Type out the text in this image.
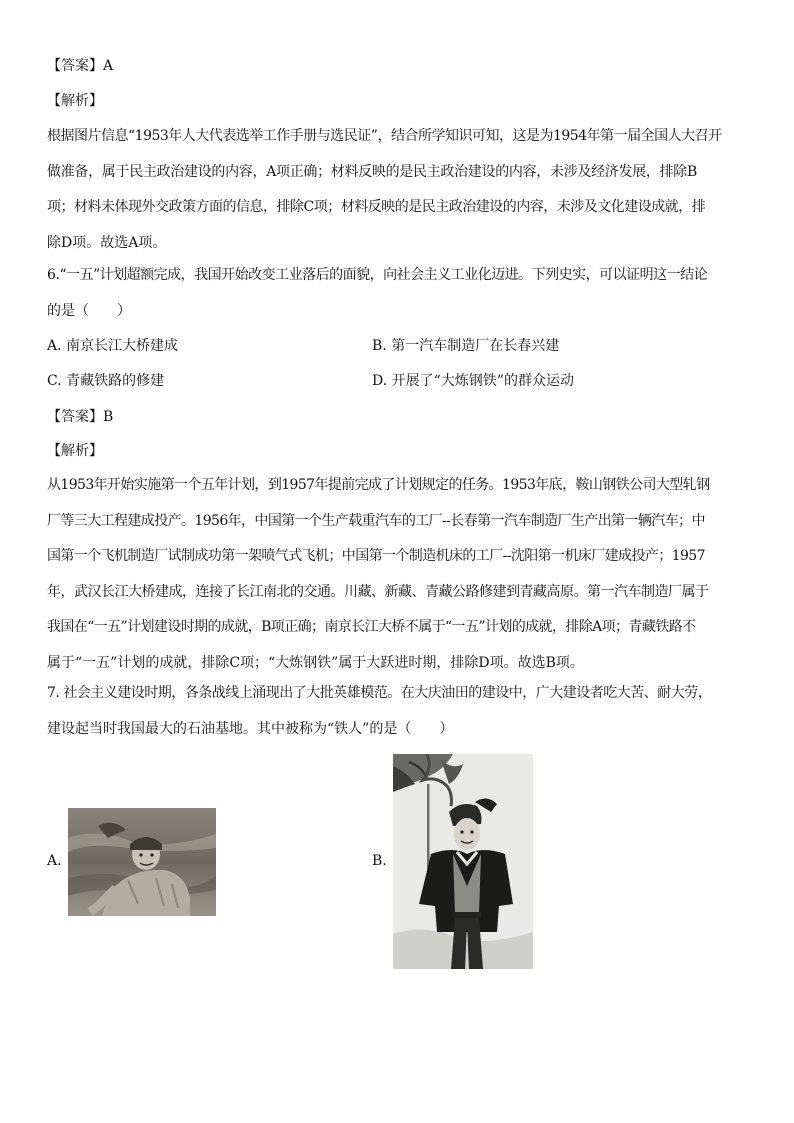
【答案】A
【解析】
根据图片信息“1953年人大代表选举工作手册与选民证”，结合所学知识可知，这是为1954年第一届全国人大召开
做准备，属于民主政治建设的内容，A项正确；材料反映的是民主政治建设的内容，未涉及经济发展，排除B
项；材料未体现外交政策方面的信息，排除C项；材料反映的是民主政治建设的内容，未涉及文化建设成就，排
除D项。故选A项。
6.“一五”计划超额完成，我国开始改变工业落后的面貌，向社会主义工业化迈进。下列史实，可以证明这一结论
的是（　　）
A. 南京长江大桥建成	B. 第一汽车制造厂在长春兴建
C. 青藏铁路的修建	D. 开展了“大炼钢铁”的群众运动
【答案】B
【解析】
从1953年开始实施第一个五年计划，到1957年提前完成了计划规定的任务。1953年底，鞍山钢铁公司大型轧钢
厂等三大工程建成投产。1956年，中国第一个生产载重汽车的工厂--长春第一汽车制造厂生产出第一辆汽车；中
国第一个飞机制造厂试制成功第一架喷气式飞机；中国第一个制造机床的工厂--沈阳第一机床厂建成投产；1957
年，武汉长江大桥建成，连接了长江南北的交通。川藏、新藏、青藏公路修建到青藏高原。第一汽车制造厂属于
我国在“一五”计划建设时期的成就，B项正确；南京长江大桥不属于“一五”计划的成就，排除A项；青藏铁路不
属于“一五”计划的成就，排除C项；“大炼钢铁”属于大跃进时期，排除D项。故选B项。
7. 社会主义建设时期，各条战线上涌现出了大批英雄模范。在大庆油田的建设中，广大建设者吃大苦、耐大劳，
建设起当时我国最大的石油基地。其中被称为“铁人”的是（　　）
A.	B.
